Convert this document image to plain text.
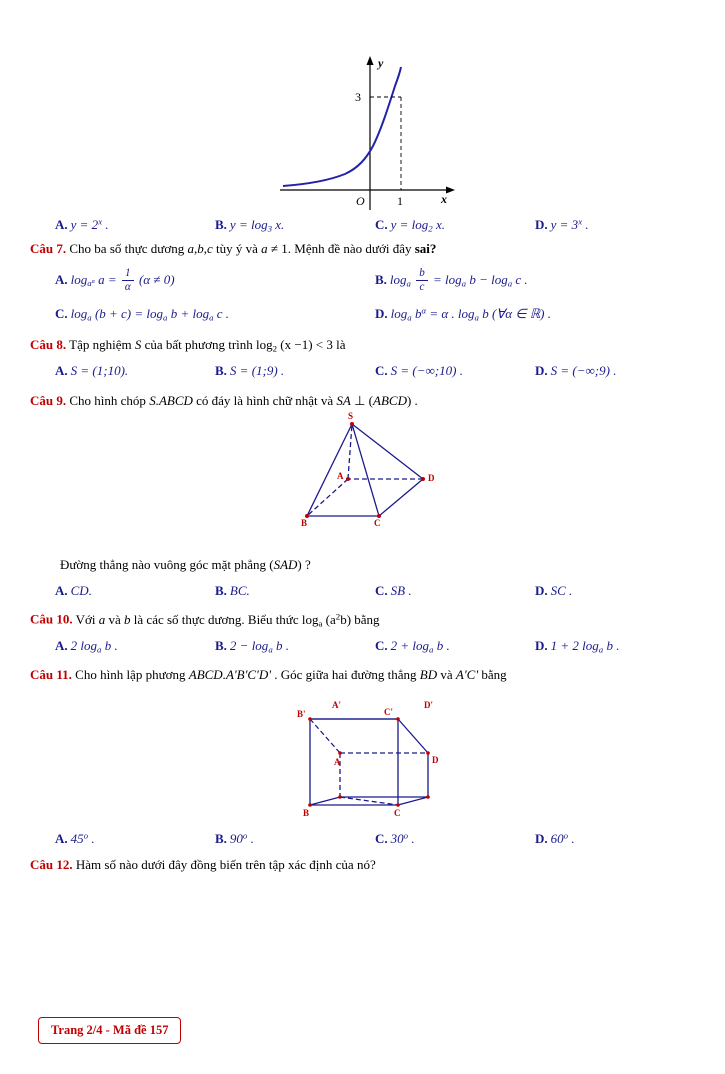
y
x
3
O	1
A. $y = 2^x$ .	B. $y = \log_3 x$.	C. $y = \log_2 x$.	D. $y = 3^x$ .
Câu 7. Cho ba số thực dương a,b,c tùy ý và a ≠ 1. Mệnh đề nào dưới đây sai?
A. $\log_{a^\alpha} a = \frac{1}{\alpha} (\alpha \ne 0)$	B. $\log_a \frac{b}{c} = \log_a b - \log_a c$ .
C. $\log_a (b + c) = \log_a b + \log_a c$ .	D. $\log_a b^\alpha = \alpha$ . $\log_a b$ (∀α ∈ ℝ) .
Câu 8. Tập nghiệm S của bất phương trình $\log_2 (x -1) < 3$ là
A. S = (1;10).	B. S = (1;9) .	C. S = (−∞;10) .	D. S = (−∞;9) .
Câu 9. Cho hình chóp S.ABCD có đáy là hình chữ nhật và SA ⊥ (ABCD) .
S
A
B	C
D
Đường thẳng nào vuông góc mặt phẳng (SAD) ?
A. CD.	B. BC.	C. SB .	D. SC .
Câu 10. Với a và b là các số thực dương. Biểu thức $\log_a (a^2b)$ bằng
A. 2 $\log_a b$ .	B. $2 - \log_a b$ .	C. $2 + \log_a b$ .	D. 1 + 2 $\log_a b$ .
Câu 11. Cho hình lập phương ABCD.A'B'C'D' . Góc giữa hai đường thẳng BD và A'C' bằng
A'
B'	C'
D'
A
B	C
D
A. 45$^o$ .	B. 90$^o$ .	C. 30$^o$ .	D. 60$^o$ .
Câu 12. Hàm số nào dưới đây đồng biến trên tập xác định của nó?
Trang 2/4 - Mã đề 157
